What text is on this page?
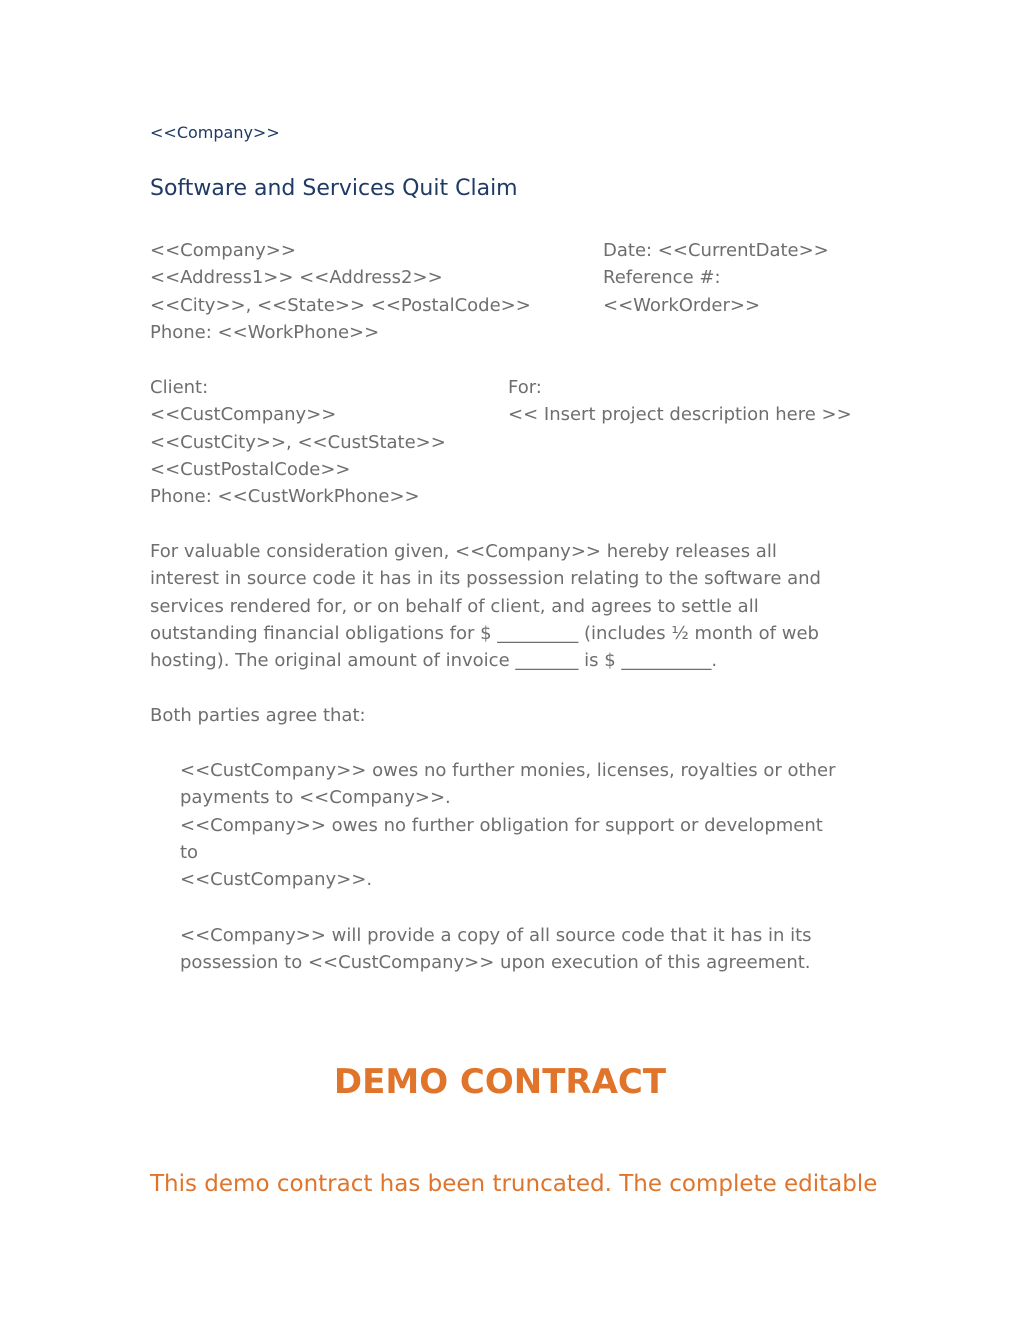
<<Company>>

Software and Services Quit Claim
<<Company>>
<<Address1>> <<Address2>>
<<City>>, <<State>> <<PostalCode>>
Phone: <<WorkPhone>>
Date: <<CurrentDate>>
Reference #:
<<WorkOrder>>
Client:
<<CustCompany>>
<<CustCity>>, <<CustState>>
<<CustPostalCode>>
Phone: <<CustWorkPhone>>
For:
<< Insert project description here >>
For valuable consideration given, <<Company>> hereby releases all
interest in source code it has in its possession relating to the software and
services rendered for, or on behalf of client, and agrees to settle all
outstanding financial obligations for $ _________ (includes ½ month of web
hosting). The original amount of invoice _______ is $ __________.

Both parties agree that:

<<CustCompany>> owes no further monies, licenses, royalties or other
payments to <<Company>>.
<<Company>> owes no further obligation for support or development
to
<<CustCompany>>.
<<Company>> will provide a copy of all source code that it has in its
possession to <<CustCompany>> upon execution of this agreement.
DEMO CONTRACT

This demo contract has been truncated. The complete editable
